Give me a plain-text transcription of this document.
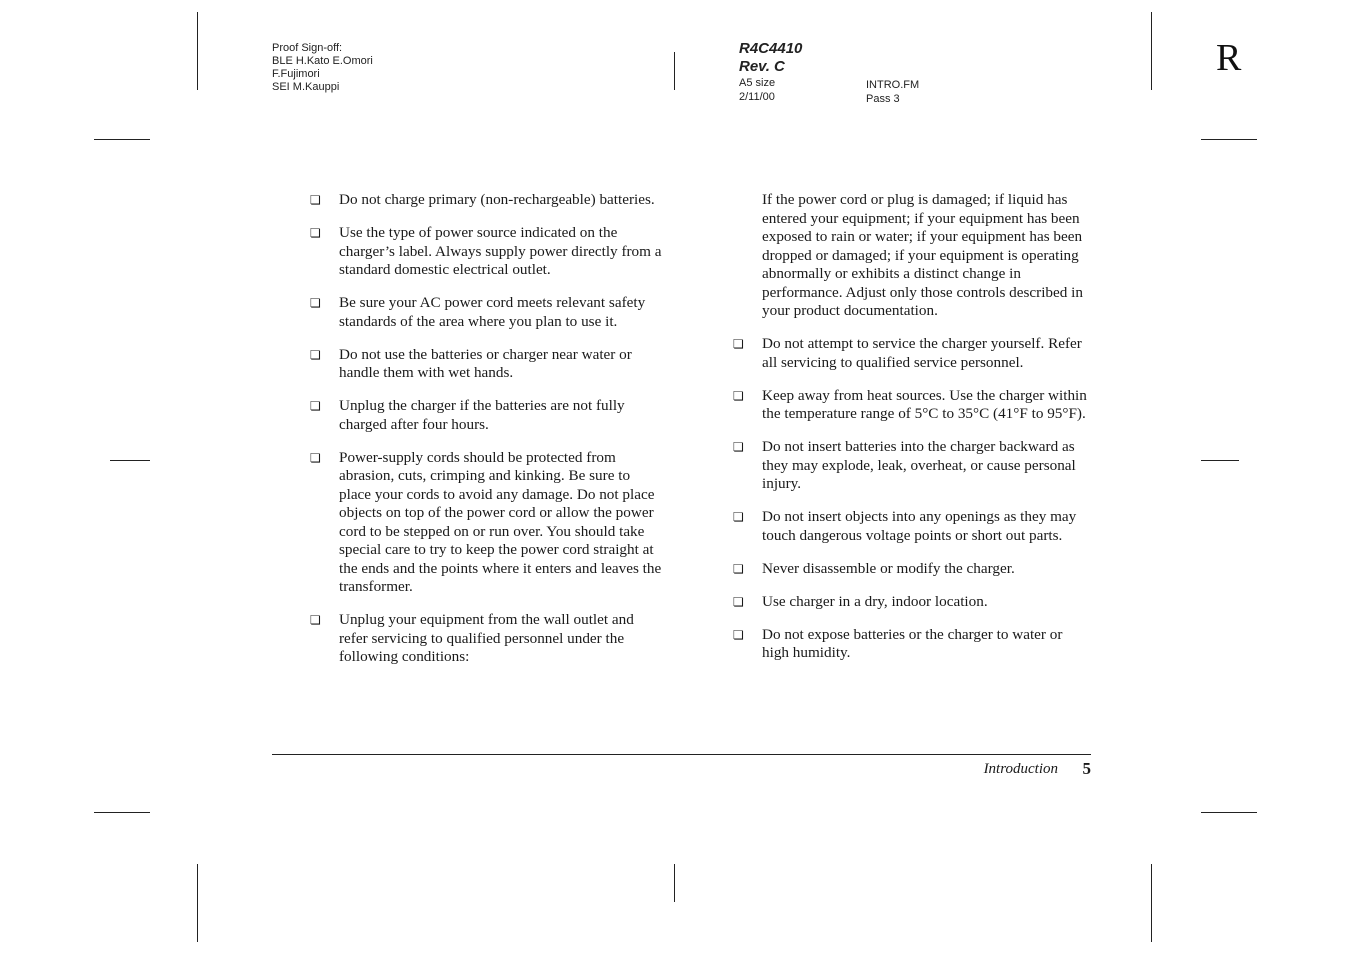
Proof Sign-off:
BLE H.Kato E.Omori
F.Fujimori
SEI M.Kauppi
R4C4410
Rev. C
A5 size
2/11/00
INTRO.FM
Pass 3
R
❏ Do not charge primary (non-rechargeable) batteries.
❏ Use the type of power source indicated on the charger’s label. Always supply power directly from a standard domestic electrical outlet.
❏ Be sure your AC power cord meets relevant safety standards of the area where you plan to use it.
❏ Do not use the batteries or charger near water or handle them with wet hands.
❏ Unplug the charger if the batteries are not fully charged after four hours.
❏ Power-supply cords should be protected from abrasion, cuts, crimping and kinking. Be sure to place your cords to avoid any damage. Do not place objects on top of the power cord or allow the power cord to be stepped on or run over. You should take special care to try to keep the power cord straight at the ends and the points where it enters and leaves the transformer.
❏ Unplug your equipment from the wall outlet and refer servicing to qualified personnel under the following conditions:
If the power cord or plug is damaged; if liquid has entered your equipment; if your equipment has been exposed to rain or water; if your equipment has been dropped or damaged; if your equipment is operating abnormally or exhibits a distinct change in performance. Adjust only those controls described in your product documentation.
❏ Do not attempt to service the charger yourself. Refer all servicing to qualified service personnel.
❏ Keep away from heat sources. Use the charger within the temperature range of 5°C to 35°C (41°F to 95°F).
❏ Do not insert batteries into the charger backward as they may explode, leak, overheat, or cause personal injury.
❏ Do not insert objects into any openings as they may touch dangerous voltage points or short out parts.
❏ Never disassemble or modify the charger.
❏ Use charger in a dry, indoor location.
❏ Do not expose batteries or the charger to water or high humidity.
Introduction	5
